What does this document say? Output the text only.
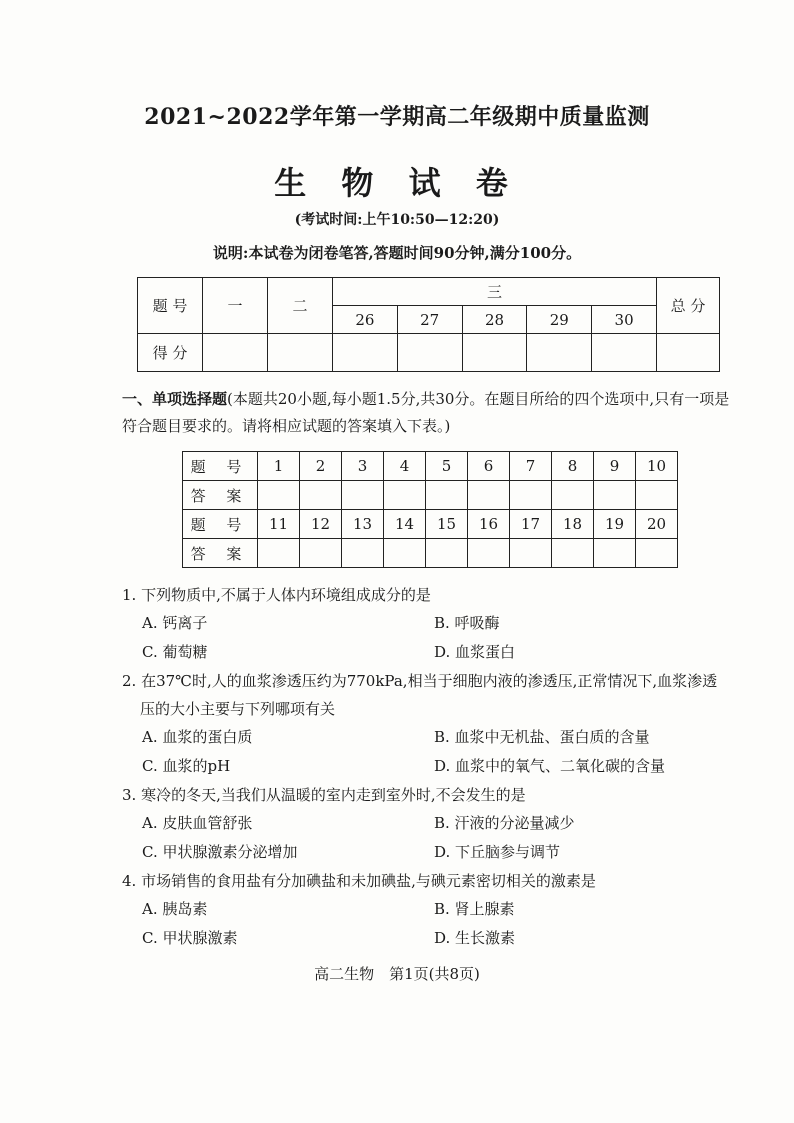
2021~2022学年第一学期高二年级期中质量监测
生 物 试 卷
(考试时间:上午10:50—12:20)
说明:本试卷为闭卷笔答,答题时间90分钟,满分100分。
题 号	一	二	三					总 分
			26	27	28	29	30	
得 分								
一、单项选择题(本题共20小题,每小题1.5分,共30分。在题目所给的四个选项中,只有一项是符合题目要求的。请将相应试题的答案填入下表。)
题 号	1	2	3	4	5	6	7	8	9	10
答 案										
题 号	11	12	13	14	15	16	17	18	19	20
答 案										
1. 下列物质中,不属于人体内环境组成成分的是
A. 钙离子	B. 呼吸酶
C. 葡萄糖	D. 血浆蛋白
2. 在37℃时,人的血浆渗透压约为770kPa,相当于细胞内液的渗透压,正常情况下,血浆渗透
压的大小主要与下列哪项有关
A. 血浆的蛋白质	B. 血浆中无机盐、蛋白质的含量
C. 血浆的pH	D. 血浆中的氧气、二氧化碳的含量
3. 寒冷的冬天,当我们从温暖的室内走到室外时,不会发生的是
A. 皮肤血管舒张	B. 汗液的分泌量减少
C. 甲状腺激素分泌增加	D. 下丘脑参与调节
4. 市场销售的食用盐有分加碘盐和未加碘盐,与碘元素密切相关的激素是
A. 胰岛素	B. 肾上腺素
C. 甲状腺激素	D. 生长激素
高二生物　第1页(共8页)
